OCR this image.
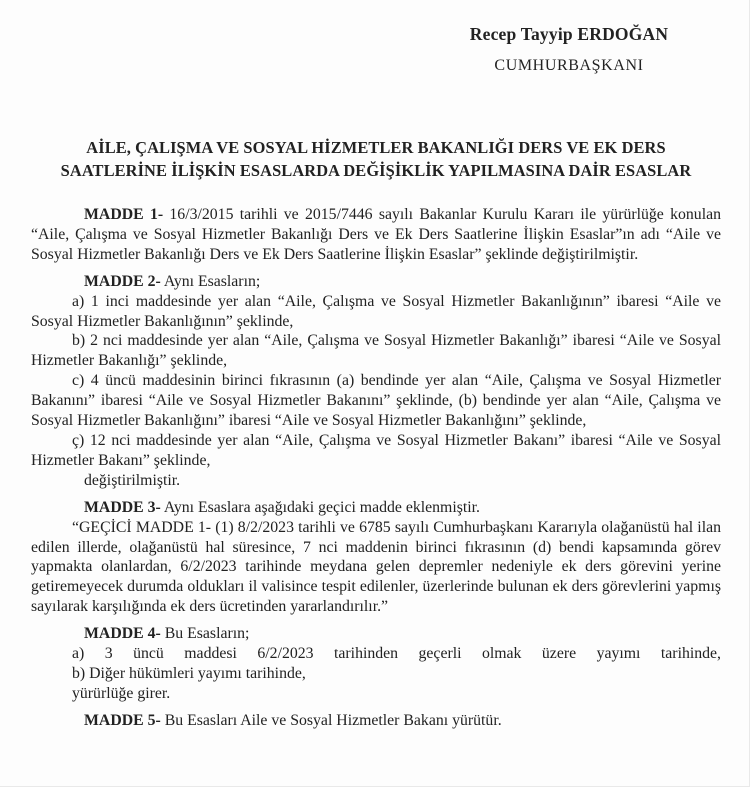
Recep Tayyip ERDOĞAN
CUMHURBAŞKANI
AİLE, ÇALIŞMA VE SOSYAL HİZMETLER BAKANLIĞI DERS VE EK DERS
SAATLERİNE İLİŞKİN ESASLARDA DEĞİŞİKLİK YAPILMASINA DAİR ESASLAR

MADDE 1- 16/3/2015 tarihli ve 2015/7446 sayılı Bakanlar Kurulu Kararı ile yürürlüğe konulan “Aile, Çalışma ve Sosyal Hizmetler Bakanlığı Ders ve Ek Ders Saatlerine İlişkin Esaslar”ın adı “Aile ve Sosyal Hizmetler Bakanlığı Ders ve Ek Ders Saatlerine İlişkin Esaslar” şeklinde değiştirilmiştir.

MADDE 2- Aynı Esasların;

a) 1 inci maddesinde yer alan “Aile, Çalışma ve Sosyal Hizmetler Bakanlığının” ibaresi “Aile ve Sosyal Hizmetler Bakanlığının” şeklinde,

b) 2 nci maddesinde yer alan “Aile, Çalışma ve Sosyal Hizmetler Bakanlığı” ibaresi “Aile ve Sosyal Hizmetler Bakanlığı” şeklinde,

c) 4 üncü maddesinin birinci fıkrasının (a) bendinde yer alan “Aile, Çalışma ve Sosyal Hizmetler Bakanını” ibaresi “Aile ve Sosyal Hizmetler Bakanını” şeklinde, (b) bendinde yer alan “Aile, Çalışma ve Sosyal Hizmetler Bakanlığını” ibaresi “Aile ve Sosyal Hizmetler Bakanlığını” şeklinde,

ç) 12 nci maddesinde yer alan “Aile, Çalışma ve Sosyal Hizmetler Bakanı” ibaresi “Aile ve Sosyal Hizmetler Bakanı” şeklinde,

değiştirilmiştir.

MADDE 3- Aynı Esaslara aşağıdaki geçici madde eklenmiştir.

“GEÇİCİ MADDE 1- (1) 8/2/2023 tarihli ve 6785 sayılı Cumhurbaşkanı Kararıyla olağanüstü hal ilan edilen illerde, olağanüstü hal süresince, 7 nci maddenin birinci fıkrasının (d) bendi kapsamında görev yapmakta olanlardan, 6/2/2023 tarihinde meydana gelen depremler nedeniyle ek ders görevini yerine getiremeyecek durumda oldukları il valisince tespit edilenler, üzerlerinde bulunan ek ders görevlerini yapmış sayılarak karşılığında ek ders ücretinden yararlandırılır.”

MADDE 4- Bu Esasların;

a) 3 üncü maddesi 6/2/2023 tarihinden geçerli olmak üzere yayımı tarihinde,

b) Diğer hükümleri yayımı tarihinde,

yürürlüğe girer.

MADDE 5- Bu Esasları Aile ve Sosyal Hizmetler Bakanı yürütür.
